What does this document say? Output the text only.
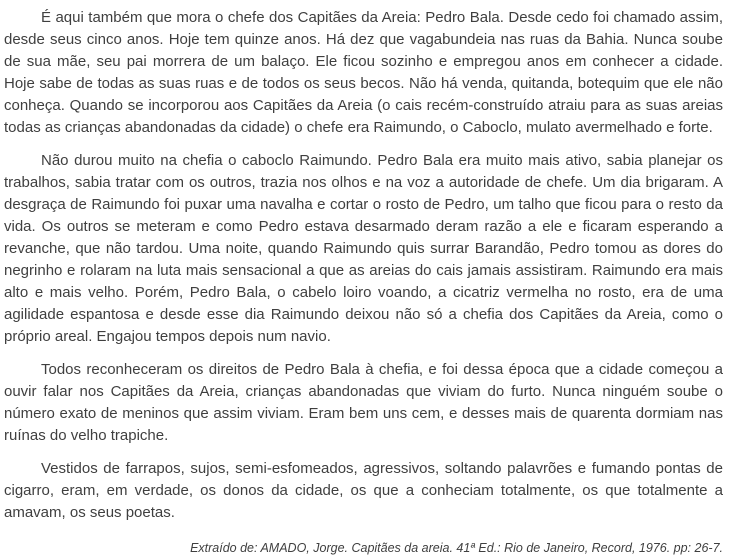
É aqui também que mora o chefe dos Capitães da Areia: Pedro Bala. Desde cedo foi chamado assim, desde seus cinco anos. Hoje tem quinze anos. Há dez que vagabundeia nas ruas da Bahia. Nunca soube de sua mãe, seu pai morrera de um balaço. Ele ficou sozinho e empregou anos em conhecer a cidade. Hoje sabe de todas as suas ruas e de todos os seus becos. Não há venda, quitanda, botequim que ele não conheça. Quando se incorporou aos Capitães da Areia (o cais recém-construído atraiu para as suas areias todas as crianças abandonadas da cidade) o chefe era Raimundo, o Caboclo, mulato avermelhado e forte.

Não durou muito na chefia o caboclo Raimundo. Pedro Bala era muito mais ativo, sabia planejar os trabalhos, sabia tratar com os outros, trazia nos olhos e na voz a autoridade de chefe. Um dia brigaram. A desgraça de Raimundo foi puxar uma navalha e cortar o rosto de Pedro, um talho que ficou para o resto da vida. Os outros se meteram e como Pedro estava desarmado deram razão a ele e ficaram esperando a revanche, que não tardou. Uma noite, quando Raimundo quis surrar Barandão, Pedro tomou as dores do negrinho e rolaram na luta mais sensacional a que as areias do cais jamais assistiram. Raimundo era mais alto e mais velho. Porém, Pedro Bala, o cabelo loiro voando, a cicatriz vermelha no rosto, era de uma agilidade espantosa e desde esse dia Raimundo deixou não só a chefia dos Capitães da Areia, como o próprio areal. Engajou tempos depois num navio.

Todos reconheceram os direitos de Pedro Bala à chefia, e foi dessa época que a cidade começou a ouvir falar nos Capitães da Areia, crianças abandonadas que viviam do furto. Nunca ninguém soube o número exato de meninos que assim viviam. Eram bem uns cem, e desses mais de quarenta dormiam nas ruínas do velho trapiche.

Vestidos de farrapos, sujos, semi-esfomeados, agressivos, soltando palavrões e fumando pontas de cigarro, eram, em verdade, os donos da cidade, os que a conheciam totalmente, os que totalmente a amavam, os seus poetas.

Extraído de: AMADO, Jorge. Capitães da areia. 41ª Ed.: Rio de Janeiro, Record, 1976. pp: 26-7.
